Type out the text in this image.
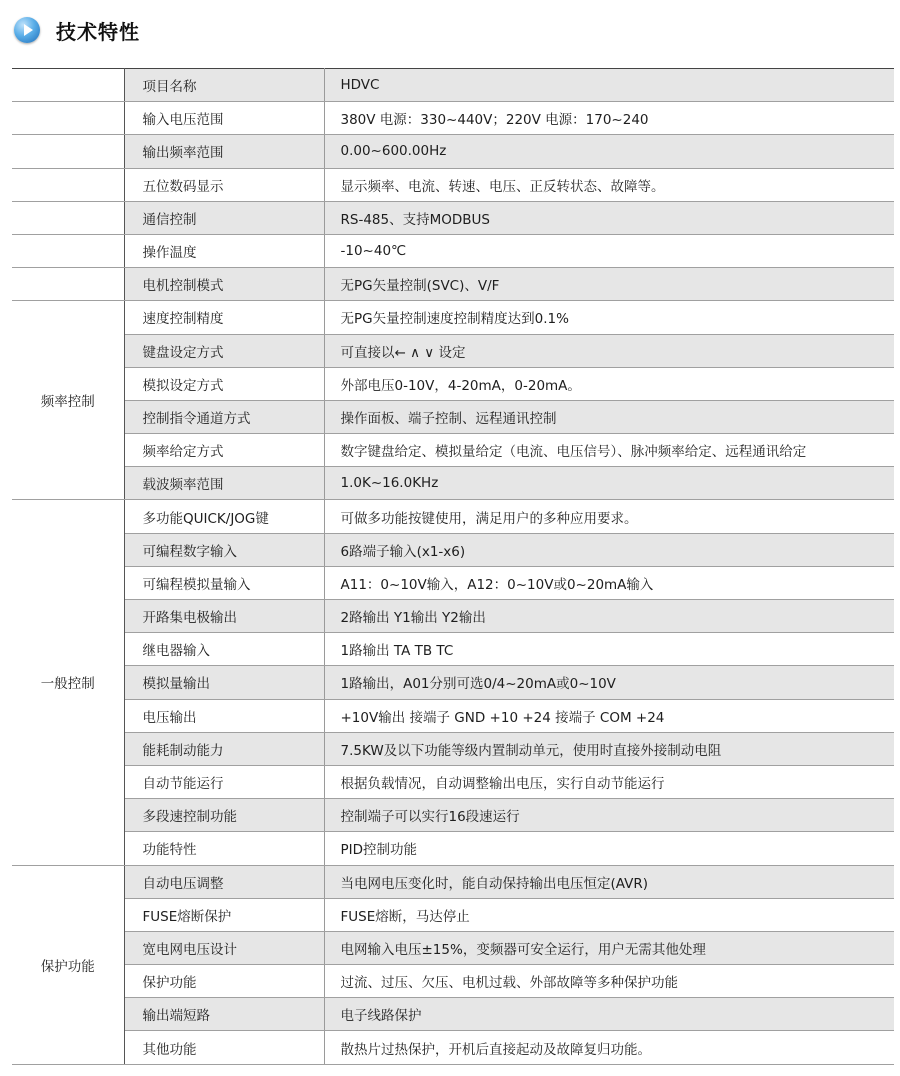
技术特性
	项目名称	HDVC
	输入电压范围	380V 电源：330~440V；220V 电源：170~240
	输出频率范围	0.00~600.00Hz
	五位数码显示	显示频率、电流、转速、电压、正反转状态、故障等。
	通信控制	RS-485、支持MODBUS
	操作温度	-10~40℃
	电机控制模式	无PG矢量控制(SVC)、V/F
频率控制	速度控制精度	无PG矢量控制速度控制精度达到0.1%
	键盘设定方式	可直接以← ∧ ∨ 设定
	模拟设定方式	外部电压0-10V，4-20mA，0-20mA。
	控制指令通道方式	操作面板、端子控制、远程通讯控制
	频率给定方式	数字键盘给定、模拟量给定（电流、电压信号）、脉冲频率给定、远程通讯给定
	载波频率范围	1.0K~16.0KHz
一般控制	多功能QUICK/JOG键	可做多功能按键使用，满足用户的多种应用要求。
	可编程数字输入	6路端子输入(x1-x6)
	可编程模拟量输入	A11：0~10V输入，A12：0~10V或0~20mA输入
	开路集电极输出	2路输出 Y1输出 Y2输出
	继电器输入	1路输出 TA TB TC
	模拟量输出	1路输出，A01分别可选0/4~20mA或0~10V
	电压输出	+10V输出 接端子 GND +10 +24 接端子 COM +24
	能耗制动能力	7.5KW及以下功能等级内置制动单元，使用时直接外接制动电阻
	自动节能运行	根据负载情况，自动调整输出电压，实行自动节能运行
	多段速控制功能	控制端子可以实行16段速运行
	功能特性	PID控制功能
保护功能	自动电压调整	当电网电压变化时，能自动保持输出电压恒定(AVR)
	FUSE熔断保护	FUSE熔断，马达停止
	宽电网电压设计	电网输入电压±15%，变频器可安全运行，用户无需其他处理
	保护功能	过流、过压、欠压、电机过载、外部故障等多种保护功能
	输出端短路	电子线路保护
	其他功能	散热片过热保护，开机后直接起动及故障复归功能。
